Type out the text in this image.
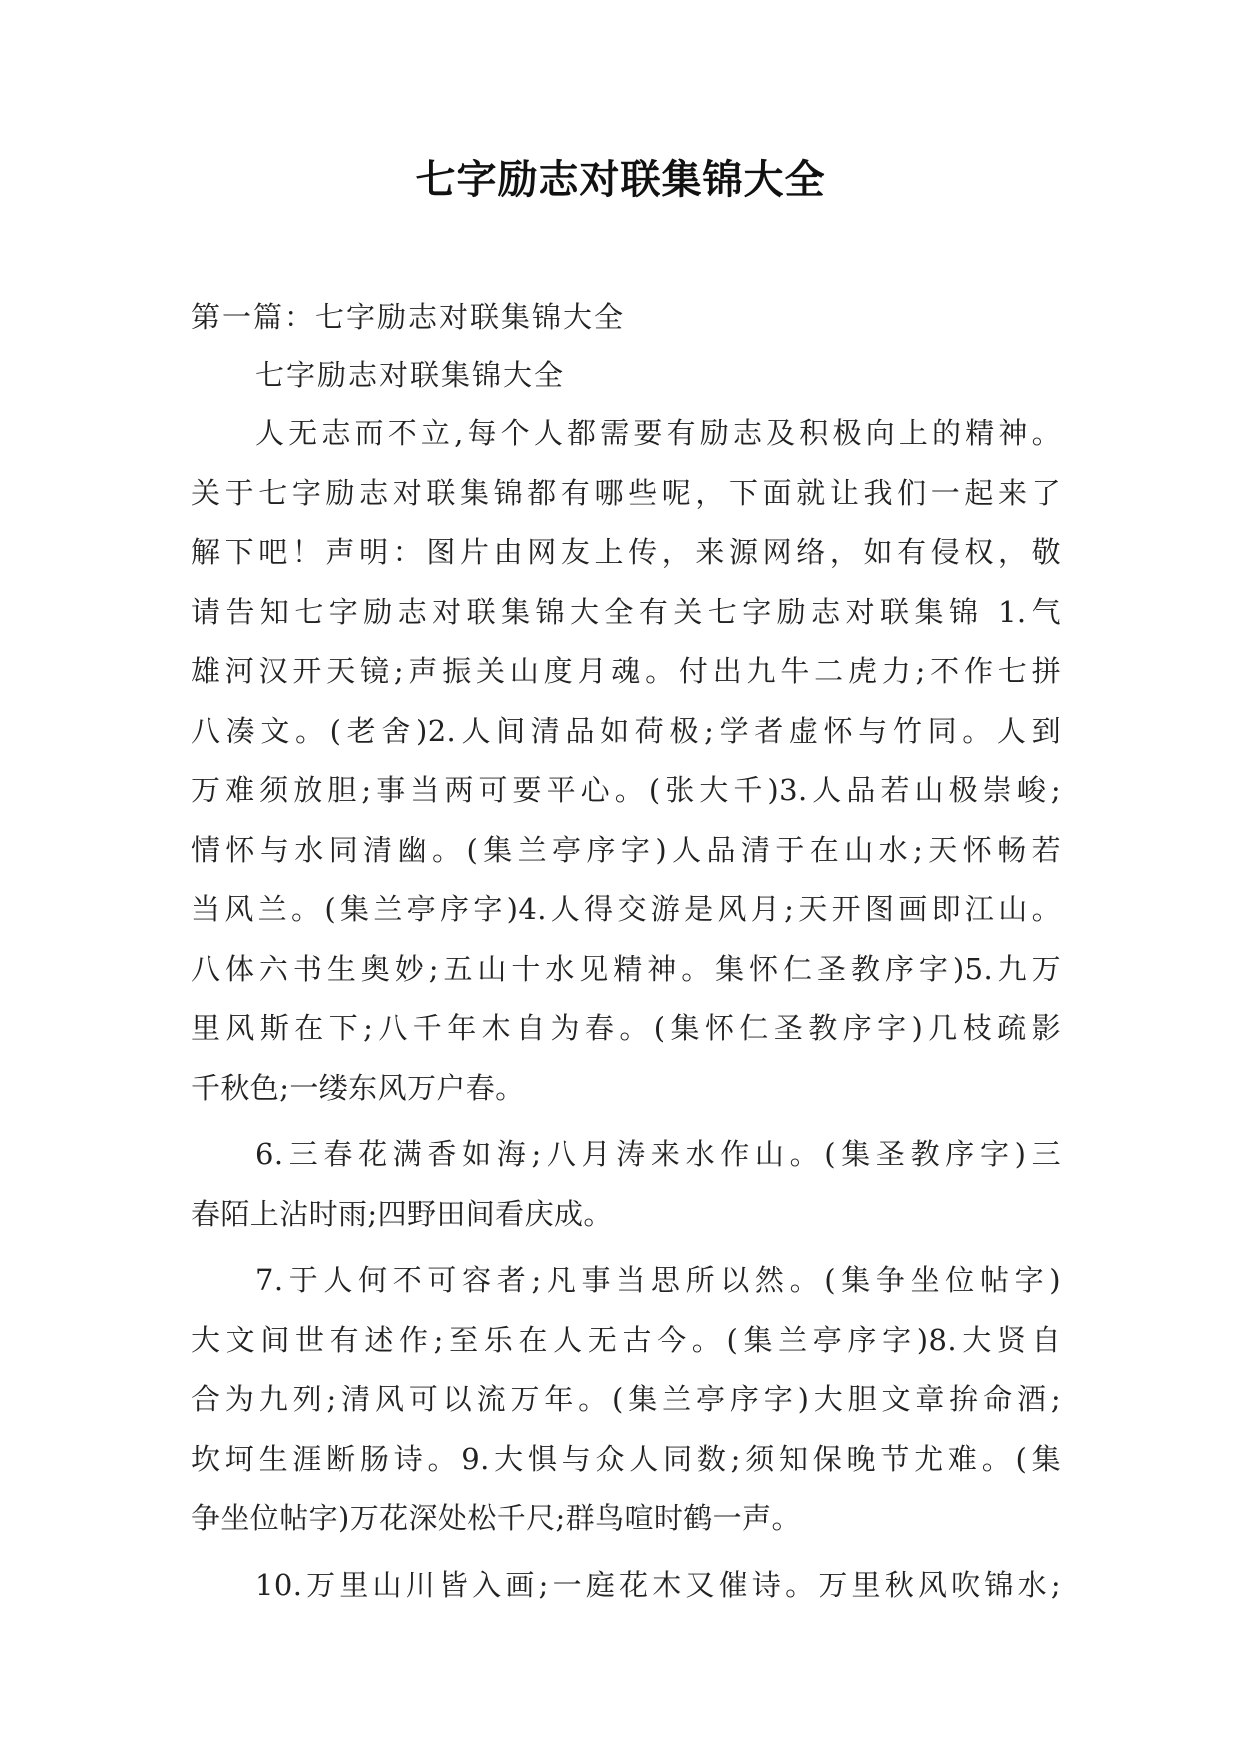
七字励志对联集锦大全

第一篇：七字励志对联集锦大全

七字励志对联集锦大全

人无志而不立,每个人都需要有励志及积极向上的精神。
关于七字励志对联集锦都有哪些呢，下面就让我们一起来了
解下吧！声明：图片由网友上传，来源网络，如有侵权，敬
请告知七字励志对联集锦大全有关七字励志对联集锦 1.气
雄河汉开天镜;声振关山度月魂。付出九牛二虎力;不作七拼
八凑文。(老舍)2.人间清品如荷极;学者虚怀与竹同。人到
万难须放胆;事当两可要平心。(张大千)3.人品若山极崇峻;
情怀与水同清幽。(集兰亭序字)人品清于在山水;天怀畅若
当风兰。(集兰亭序字)4.人得交游是风月;天开图画即江山。
八体六书生奥妙;五山十水见精神。集怀仁圣教序字)5.九万
里风斯在下;八千年木自为春。(集怀仁圣教序字)几枝疏影
千秋色;一缕东风万户春。
6.三春花满香如海;八月涛来水作山。(集圣教序字)三
春陌上沾时雨;四野田间看庆成。
7.于人何不可容者;凡事当思所以然。(集争坐位帖字)
大文间世有述作;至乐在人无古今。(集兰亭序字)8.大贤自
合为九列;清风可以流万年。(集兰亭序字)大胆文章拚命酒;
坎坷生涯断肠诗。9.大惧与众人同数;须知保晚节尤难。(集
争坐位帖字)万花深处松千尺;群鸟喧时鹤一声。
10.万里山川皆入画;一庭花木又催诗。万里秋风吹锦水;
